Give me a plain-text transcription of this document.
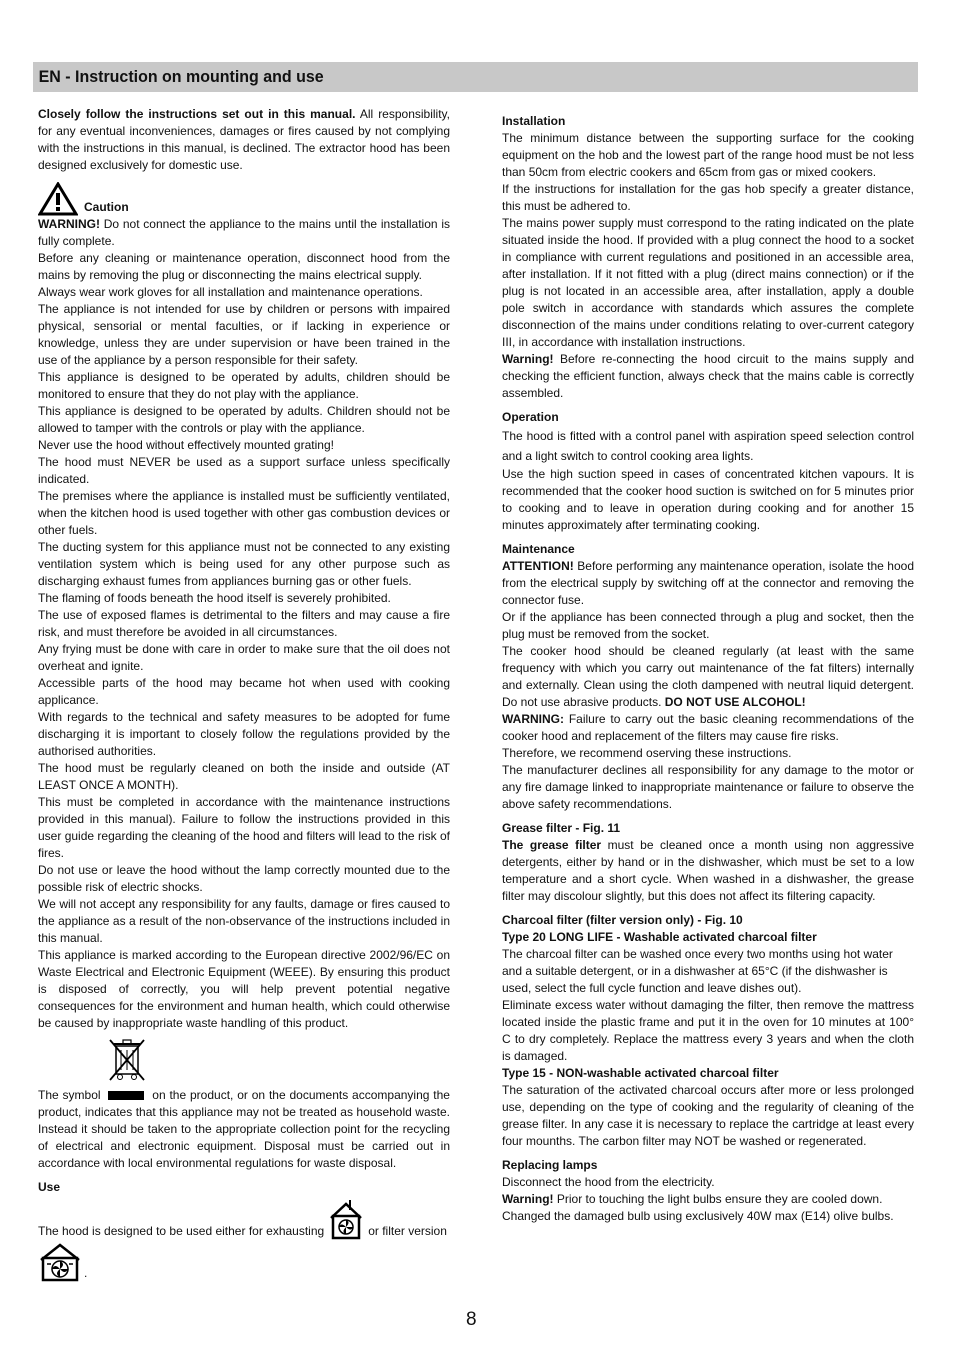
EN - Instruction on mounting and use

Closely follow the instructions set out in this manual. All responsibility, for any eventual inconveniences, damages or fires caused by not complying with the instructions in this manual, is declined. The extractor hood has been designed exclusively for domestic use.

Caution

WARNING! Do not connect the appliance to the mains until the installation is fully complete.

Before any cleaning or maintenance operation, disconnect hood from the mains by removing the plug or disconnecting the mains electrical supply.

Always wear work gloves for all installation and maintenance operations.

The appliance is not intended for use by children or persons with impaired physical, sensorial or mental faculties, or if lacking in experience or knowledge, unless they are under supervision or have been trained in the use of the appliance by a person responsible for their safety.

This appliance is designed to be operated by adults, children should be monitored to ensure that they do not play with the appliance.

This appliance is designed to be operated by adults. Children should not be allowed to tamper with the controls or play with the appliance.

Never use the hood without effectively mounted grating!

The hood must NEVER be used as a support surface unless specifically indicated.

The premises where the appliance is installed must be sufficiently ventilated, when the kitchen hood is used together with other gas combustion devices or other fuels.

The ducting system for this appliance must not be connected to any existing ventilation system which is being used for any other purpose such as discharging exhaust fumes from appliances burning gas or other fuels.

The flaming of foods beneath the hood itself is severely prohibited.

The use of exposed flames is detrimental to the filters and may cause a fire risk, and must therefore be avoided in all circumstances.

Any frying must be done with care in order to make sure that the oil does not overheat and ignite.

Accessible parts of the hood may became hot when used with cooking applicance.

With regards to the technical and safety measures to be adopted for fume discharging it is important to closely follow the regulations provided by the authorised authorities.

The hood must be regularly cleaned on both the inside and outside (AT LEAST ONCE A MONTH).

This must be completed in accordance with the maintenance instructions provided in this manual). Failure to follow the instructions provided in this user guide regarding the cleaning of the hood and filters will lead to the risk of fires.

Do not use or leave the hood without the lamp correctly mounted due to the possible risk of electric shocks.

We will not accept any responsibility for any faults, damage or fires caused to the appliance as a result of the non-observance of the instructions included in this manual.

This appliance is marked according to the European directive 2002/96/EC on Waste Electrical and Electronic Equipment (WEEE). By ensuring this product is disposed of correctly, you will help prevent potential negative consequences for the environment and human health, which could otherwise be caused by inappropriate waste handling of this product.

The symbol	on the product, or on the documents accompanying the product, indicates that this appliance may not be treated as household waste. Instead it should be taken to the appropriate collection point for the recycling of electrical and electronic equipment. Disposal must be carried out in accordance with local environmental regulations for waste disposal.

Use

The hood is designed to be used either for exhausting	or filter version
.

Installation

The minimum distance between the supporting surface for the cooking equipment on the hob and the lowest part of the range hood must be not less than 50cm from electric cookers and 65cm from gas or mixed cookers.

If the instructions for installation for the gas hob specify a greater distance, this must be adhered to.

The mains power supply must correspond to the rating indicated on the plate situated inside the hood. If provided with a plug connect the hood to a socket in compliance with current regulations and positioned in an accessible area, after installation. If it not fitted with a plug (direct mains connection) or if the plug is not located in an accessible area, after installation, apply a double pole switch in accordance with standards which assures the complete disconnection of the mains under conditions relating to over-current category III, in accordance with installation instructions.

Warning! Before re-connecting the hood circuit to the mains supply and checking the efficient function, always check that the mains cable is correctly assembled.

Operation

The hood is fitted with a control panel with aspiration speed selection control and a light switch to control cooking area lights.

Use the high suction speed in cases of concentrated kitchen vapours. It is recommended that the cooker hood suction is switched on for 5 minutes prior to cooking and to leave in operation during cooking and for another 15 minutes approximately after terminating cooking.

Maintenance

ATTENTION! Before performing any maintenance operation, isolate the hood from the electrical supply by switching off at the connector and removing the connector fuse.

Or if the appliance has been connected through a plug and socket, then the plug must be removed from the socket.

The cooker hood should be cleaned regularly (at least with the same frequency with which you carry out maintenance of the fat filters) internally and externally. Clean using the cloth dampened with neutral liquid detergent. Do not use abrasive products. DO NOT USE ALCOHOL!

WARNING: Failure to carry out the basic cleaning recommendations of the cooker hood and replacement of the filters may cause fire risks.

Therefore, we recommend oserving these instructions.

The manufacturer declines all responsibility for any damage to the motor or any fire damage linked to inappropriate maintenance or failure to observe the above safety recommendations.

Grease filter - Fig. 11

The grease filter must be cleaned once a month using non aggressive detergents, either by hand or in the dishwasher, which must be set to a low temperature and a short cycle. When washed in a dishwasher, the grease filter may discolour slightly, but this does not affect its filtering capacity.

Charcoal filter (filter version only) - Fig. 10

Type 20 LONG LIFE - Washable activated charcoal filter

The charcoal filter can be washed once every two months using hot water and a suitable detergent, or in a dishwasher at 65°C (if the dishwasher is used, select the full cycle function and leave dishes out).

Eliminate excess water without damaging the filter, then remove the mattress located inside the plastic frame and put it in the oven for 10 minutes at 100° C to dry completely. Replace the mattress every 3 years and when the cloth is damaged.

Type 15 - NON-washable activated charcoal filter

The saturation of the activated charcoal occurs after more or less prolonged use, depending on the type of cooking and the regularity of cleaning of the grease filter. In any case it is necessary to replace the cartridge at least every four mounths. The carbon filter may NOT be washed or regenerated.

Replacing lamps

Disconnect the hood from the electricity.

Warning! Prior to touching the light bulbs ensure they are cooled down.

Changed the damaged bulb using exclusively 40W max (E14) olive bulbs.

8
